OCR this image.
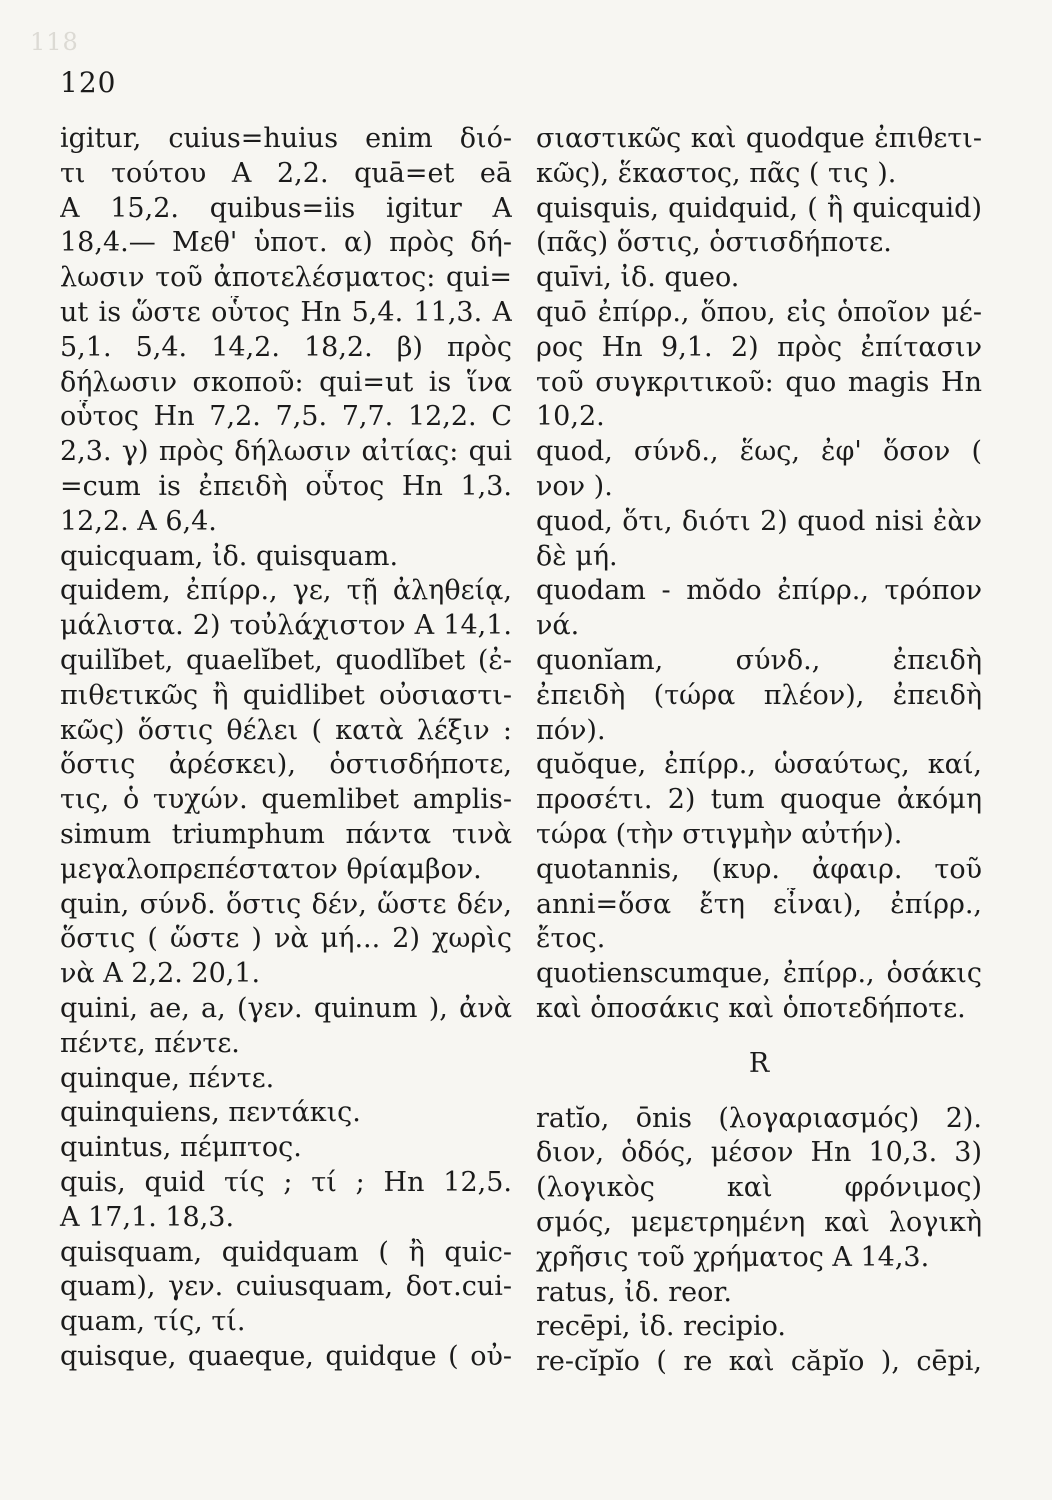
118
120
igitur, cuius=huius enim διό-
τι τούτου Α 2,2. quā=et eā
A 15,2. quibus=iis igitur A
18,4.— Μεθ' ὑποτ. α) πρὸς δή-
λωσιν τοῦ ἀποτελέσματος: qui=
ut is ὥστε οὗτος Hn 5,4. 11,3. A
5,1. 5,4. 14,2. 18,2. β) πρὸς
δήλωσιν σκοποῦ: qui=ut is ἵνα
οὗτος Hn 7,2. 7,5. 7,7. 12,2. C
2,3. γ) πρὸς δήλωσιν αἰτίας: qui
=cum is ἐπειδὴ οὗτος Hn 1,3.
12,2. A 6,4.
quicquam, ἰδ. quisquam.
quidem, ἐπίρρ., γε, τῇ ἀληθείᾳ,
μάλιστα. 2) τοὐλάχιστον A 14,1.
quilĭbet, quaelĭbet, quodlĭbet (ἐ-
πιθετικῶς ἢ quidlibet οὐσιαστι-
κῶς) ὅστις θέλει ( κατὰ λέξιν :
ὅστις ἀρέσκει), ὁστισδήποτε,
τις, ὁ τυχών. quemlibet amplis-
simum triumphum πάντα τινὰ
μεγαλοπρεπέστατον θρίαμβον.
quin, σύνδ. ὅστις δέν, ὥστε δέν,
ὅστις ( ὥστε ) νὰ μή... 2) χωρὶς
νὰ A 2,2. 20,1.
quini, ae, a, (γεν. quinum ), ἀνὰ
πέντε, πέντε.
quinque, πέντε.
quinquiens, πεντάκις.
quintus, πέμπτος.
quis, quid τίς ; τί ; Hn 12,5.
A 17,1. 18,3.
quisquam, quidquam ( ἢ quic-
quam), γεν. cuiusquam, δοτ.cui-
quam, τίς, τί.
quisque, quaeque, quidque ( οὐ-
σιαστικῶς καὶ quodque ἐπιθετι-
κῶς), ἕκαστος, πᾶς ( τις ).
quisquis, quidquid, ( ἢ quicquid)
(πᾶς) ὅστις, ὁστισδήποτε.
quīvi, ἰδ. queo.
quō ἐπίρρ., ὅπου, εἰς ὁποῖον μέ-
ρος Hn 9,1. 2) πρὸς ἐπίτασιν
τοῦ συγκριτικοῦ: quo magis Hn
10,2.
quod, σύνδ., ἕως, ἐφ' ὅσον (
νον ).
quod, ὅτι, διότι 2) quod nisi ἐὰν
δὲ μή.
quodam - mŏdo ἐπίρρ., τρόπον
νά.
quonĭam, σύνδ., ἐπειδὴ
ἐπειδὴ (τώρα πλέον), ἐπειδὴ
πόν).
quŏque, ἐπίρρ., ὡσαύτως, καί,
προσέτι. 2) tum quoque ἀκόμη
τώρα (τὴν στιγμὴν αὐτήν).
quotannis, (κυρ. ἀφαιρ. τοῦ
anni=ὅσα ἔτη εἶναι), ἐπίρρ.,
ἔτος.
quotienscumque, ἐπίρρ., ὁσάκις
καὶ ὁποσάκις καὶ ὁποτεδήποτε.
R
ratĭo, ōnis (λογαριασμός) 2).
διον, ὁδός, μέσον Hn 10,3. 3)
(λογικὸς καὶ φρόνιμος)
σμός, μεμετρημένη καὶ λογικὴ
χρῆσις τοῦ χρήματος A 14,3.
ratus, ἰδ. reor.
recēpi, ἰδ. recipio.
re-cĭpĭo ( re καὶ căpĭo ), cēpi,
